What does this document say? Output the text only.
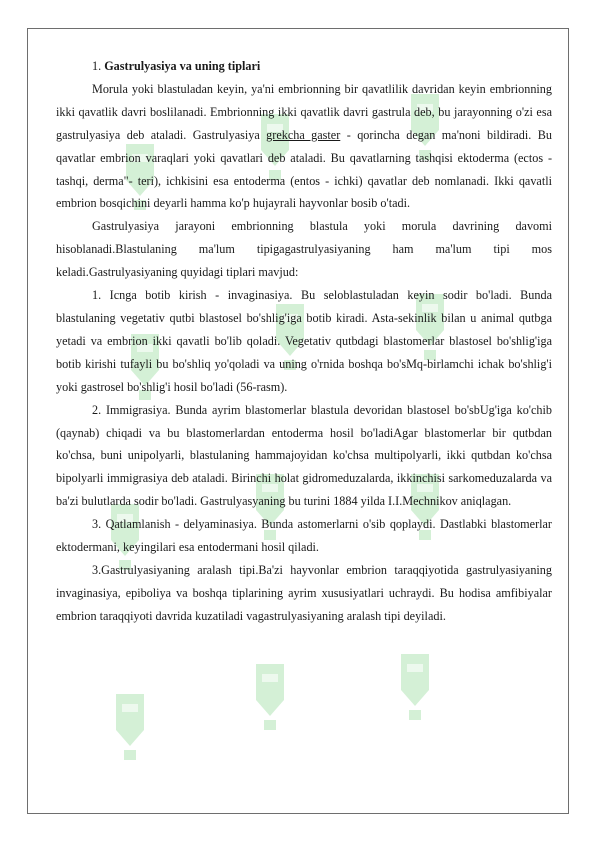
1. Gastrulyasiya va uning tiplari

Morula yoki blastuladan keyin, ya'ni embrionning bir qavatlilik davridan keyin embrionning ikki qavatlik davri boslilanadi. Embrionning ikki qavatlik davri gastrula deb, bu jarayonning o'zi esa gastrulyasiya deb ataladi. Gastrulyasiya grekcha gaster - qorincha degan ma'noni bildiradi. Bu qavatlar embrion varaqlari yoki qavatlari deb ataladi. Bu qavatlarning tashqisi ektoderma (ectos - tashqi, derma"- teri), ichkisini esa entoderma (entos - ichki) qavatlar deb nomlanadi. Ikki qavatli embrion bosqichini deyarli hamma ko'p hujayrali hayvonlar bosib o'tadi.

Gastrulyasiya jarayoni embrionning blastula yoki morula davrining davomi hisoblanadi.Blastulaning ma'lum tipigagastrulyasiyaning ham ma'lum tipi mos keladi.Gastrulyasiyaning quyidagi tiplari mavjud:

1. Icnga botib kirish - invaginasiya. Bu seloblastuladan keyin sodir bo'ladi. Bunda blastulaning vegetativ qutbi blastosel bo'shlig'iga botib kiradi. Asta-sekinlik bilan u animal qutbga yetadi va embrion ikki qavatli bo'lib qoladi. Vegetativ qutbdagi blastomerlar blastosel bo'shlig'iga botib kirishi tufayli bu bo'shliq yo'qoladi va uning o'rnida boshqa bo'sMq-birlamchi ichak bo'shlig'i yoki gastrosel bo'shlig'i hosil bo'ladi (56-rasm).

2. Immigrasiya. Bunda ayrim blastomerlar blastula devoridan blastosel bo'sbUg'iga ko'chib (qaynab) chiqadi va bu blastomerlardan entoderma hosil bo'ladiAgar blastomerlar bir qutbdan ko'chsa, buni unipolyarli, blastulaning hammajoyidan ko'chsa multipolyarli, ikki qutbdan ko'chsa bipolyarli immigrasiya deb ataladi. Birinchi holat gidromeduzalarda, ikkinchisi sarkomeduzalarda va ba'zi bulutlarda sodir bo'ladi. Gastrulyasyaning bu turini 1884 yilda I.I.Mechnikov aniqlagan.

3. Qatlamlanish - delyaminasiya. Bunda astomerlarni o'sib qoplaydi. Dastlabki blastomerlar ektodermani, keyingilari esa entodermani hosil qiladi.

3.Gastrulyasiyaning aralash tipi.Ba'zi hayvonlar embrion taraqqiyotida gastrulyasiyaning invaginasiya, epiboliya va boshqa tiplarining ayrim xususiyatlari uchraydi. Bu hodisa amfibiyalar embrion taraqqiyoti davrida kuzatiladi vagastrulyasiyaning aralash tipi deyiladi.
